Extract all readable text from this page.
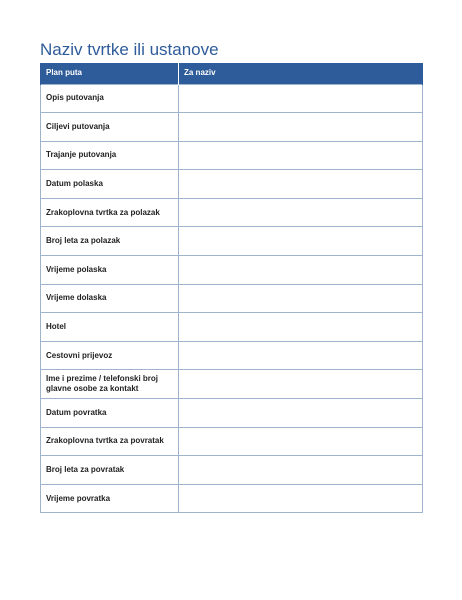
Naziv tvrtke ili ustanove
Plan puta	Za naziv
Opis putovanja	
Ciljevi putovanja	
Trajanje putovanja	
Datum polaska	
Zrakoplovna tvrtka za polazak	
Broj leta za polazak	
Vrijeme polaska	
Vrijeme dolaska	
Hotel	
Cestovni prijevoz	
Ime i prezime / telefonski broj glavne osobe za kontakt	
Datum povratka	
Zrakoplovna tvrtka za povratak	
Broj leta za povratak	
Vrijeme povratka	
